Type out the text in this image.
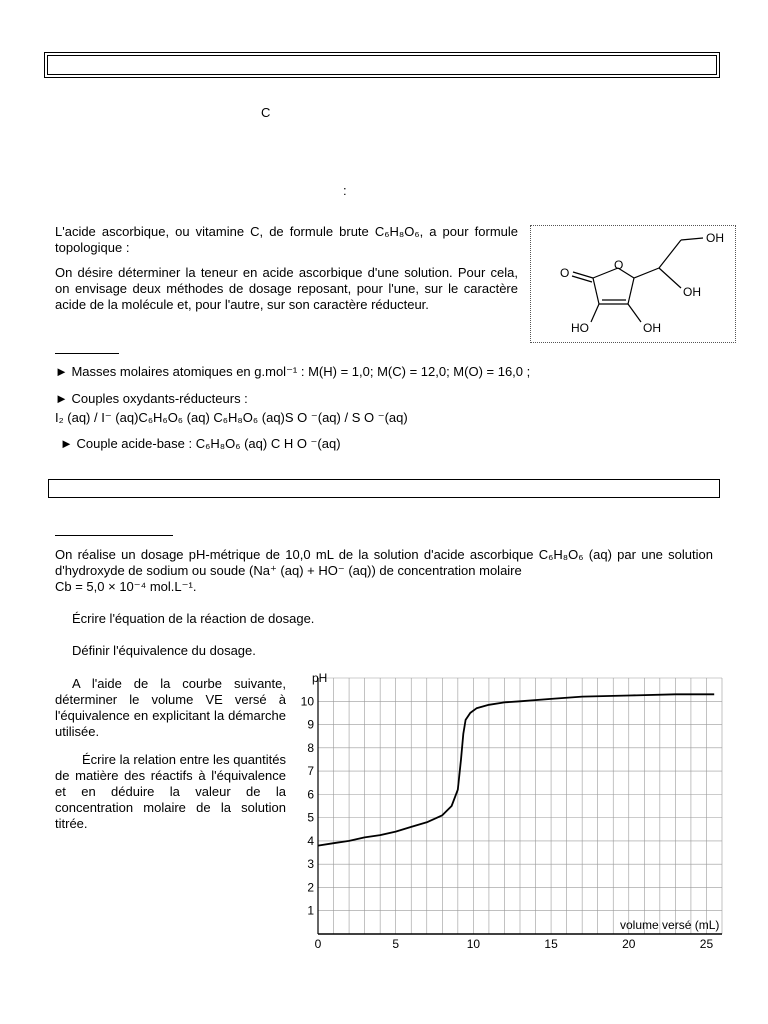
C
:
L'acide ascorbique, ou vitamine C, de formule brute C₆H₈O₆, a pour formule topologique :
On désire déterminer la teneur en acide ascorbique d'une solution. Pour cela, on envisage deux méthodes de dosage reposant, pour l'une, sur le caractère acide de la molécule et, pour l'autre, sur son caractère réducteur.
OH
O
O
OH
HO	OH
► Masses molaires atomiques en g.mol⁻¹ : M(H) = 1,0; M(C) = 12,0; M(O) = 16,0 ;
► Couples oxydants-réducteurs :
I₂ (aq) / I⁻ (aq)C₆H₆O₆ (aq) C₆H₈O₆ (aq)S O ⁻(aq) / S O ⁻(aq)
► Couple acide-base : C₆H₈O₆ (aq) C H O ⁻(aq)
On réalise un dosage pH-métrique de 10,0 mL de la solution d'acide ascorbique C₆H₈O₆ (aq) par une solution d'hydroxyde de sodium ou soude (Na⁺ (aq) + HO⁻ (aq)) de concentration molaire
Cb = 5,0 × 10⁻⁴ mol.L⁻¹.
Écrire l'équation de la réaction de dosage.
Définir l'équivalence du dosage.
A l'aide de la courbe suivante, déterminer le volume VE versé à l'équivalence en explicitant la démarche utilisée.
Écrire la relation entre les quantités de matière des réactifs à l'équivalence et en déduire la valeur de la concentration molaire de la solution titrée.
0	5	10	15	20	25
1
2
3
4
5
6
7
8
9
10
pH
volume versé (mL)
